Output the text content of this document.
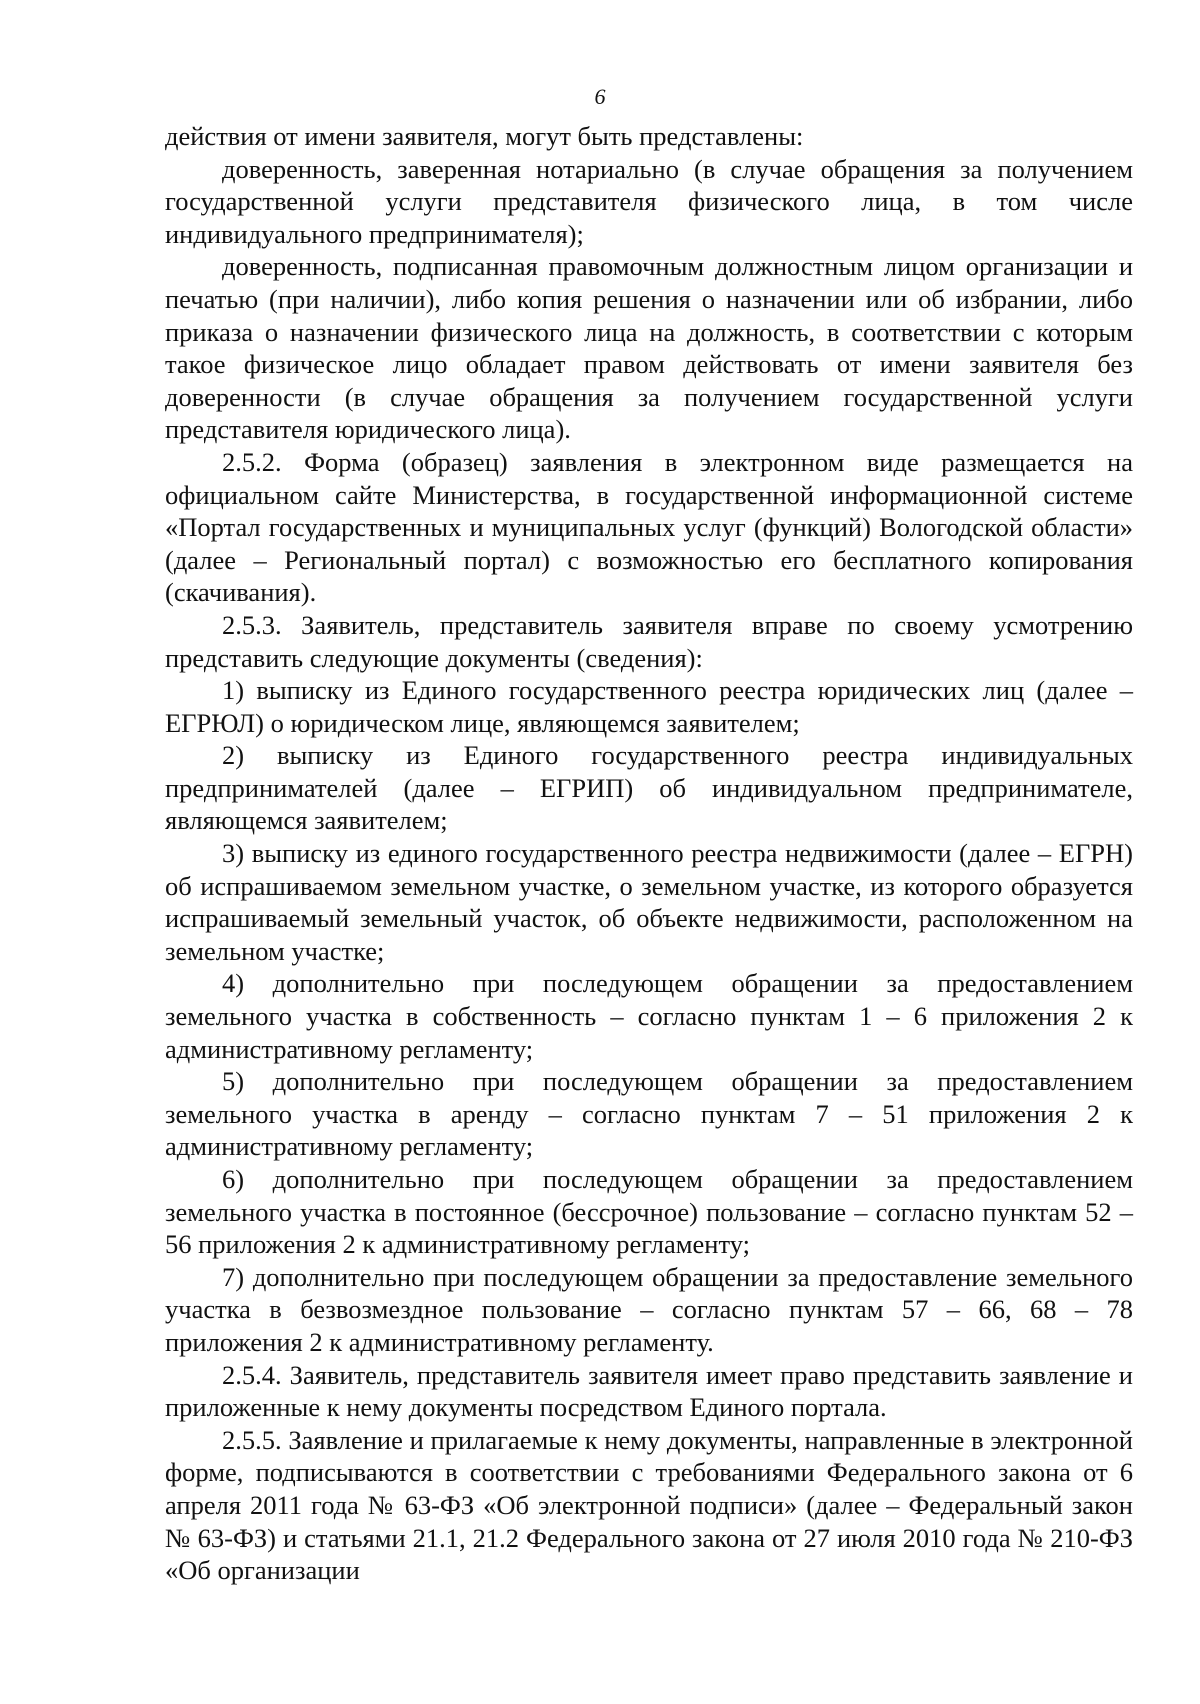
6

действия от имени заявителя, могут быть представлены:

доверенность, заверенная нотариально (в случае обращения за получением государственной услуги представителя физического лица, в том числе индивидуального предпринимателя);

доверенность, подписанная правомочным должностным лицом организации и печатью (при наличии), либо копия решения о назначении или об избрании, либо приказа о назначении физического лица на должность, в соответствии с которым такое физическое лицо обладает правом действовать от имени заявителя без доверенности (в случае обращения за получением государственной услуги представителя юридического лица).

2.5.2. Форма (образец) заявления в электронном виде размещается на официальном сайте Министерства, в государственной информационной системе «Портал государственных и муниципальных услуг (функций) Вологодской области» (далее – Региональный портал) с возможностью его бесплатного копирования (скачивания).

2.5.3. Заявитель, представитель заявителя вправе по своему усмотрению представить следующие документы (сведения):

1) выписку из Единого государственного реестра юридических лиц (далее – ЕГРЮЛ) о юридическом лице, являющемся заявителем;

2) выписку из Единого государственного реестра индивидуальных предпринимателей (далее – ЕГРИП) об индивидуальном предпринимателе, являющемся заявителем;

3) выписку из единого государственного реестра недвижимости (далее – ЕГРН) об испрашиваемом земельном участке, о земельном участке, из которого образуется испрашиваемый земельный участок, об объекте недвижимости, расположенном на земельном участке;

4) дополнительно при последующем обращении за предоставлением земельного участка в собственность – согласно пунктам 1 – 6 приложения 2 к административному регламенту;

5) дополнительно при последующем обращении за предоставлением земельного участка в аренду – согласно пунктам 7 – 51 приложения 2 к административному регламенту;

6) дополнительно при последующем обращении за предоставлением земельного участка в постоянное (бессрочное) пользование – согласно пунктам 52 – 56 приложения 2 к административному регламенту;

7) дополнительно при последующем обращении за предоставление земельного участка в безвозмездное пользование – согласно пунктам 57 – 66, 68 – 78 приложения 2 к административному регламенту.

2.5.4. Заявитель, представитель заявителя имеет право представить заявление и приложенные к нему документы посредством Единого портала.

2.5.5. Заявление и прилагаемые к нему документы, направленные в электронной форме, подписываются в соответствии с требованиями Федерального закона от 6 апреля 2011 года № 63-ФЗ «Об электронной подписи» (далее – Федеральный закон № 63-ФЗ) и статьями 21.1, 21.2 Федерального закона от 27 июля 2010 года № 210-ФЗ «Об организации
